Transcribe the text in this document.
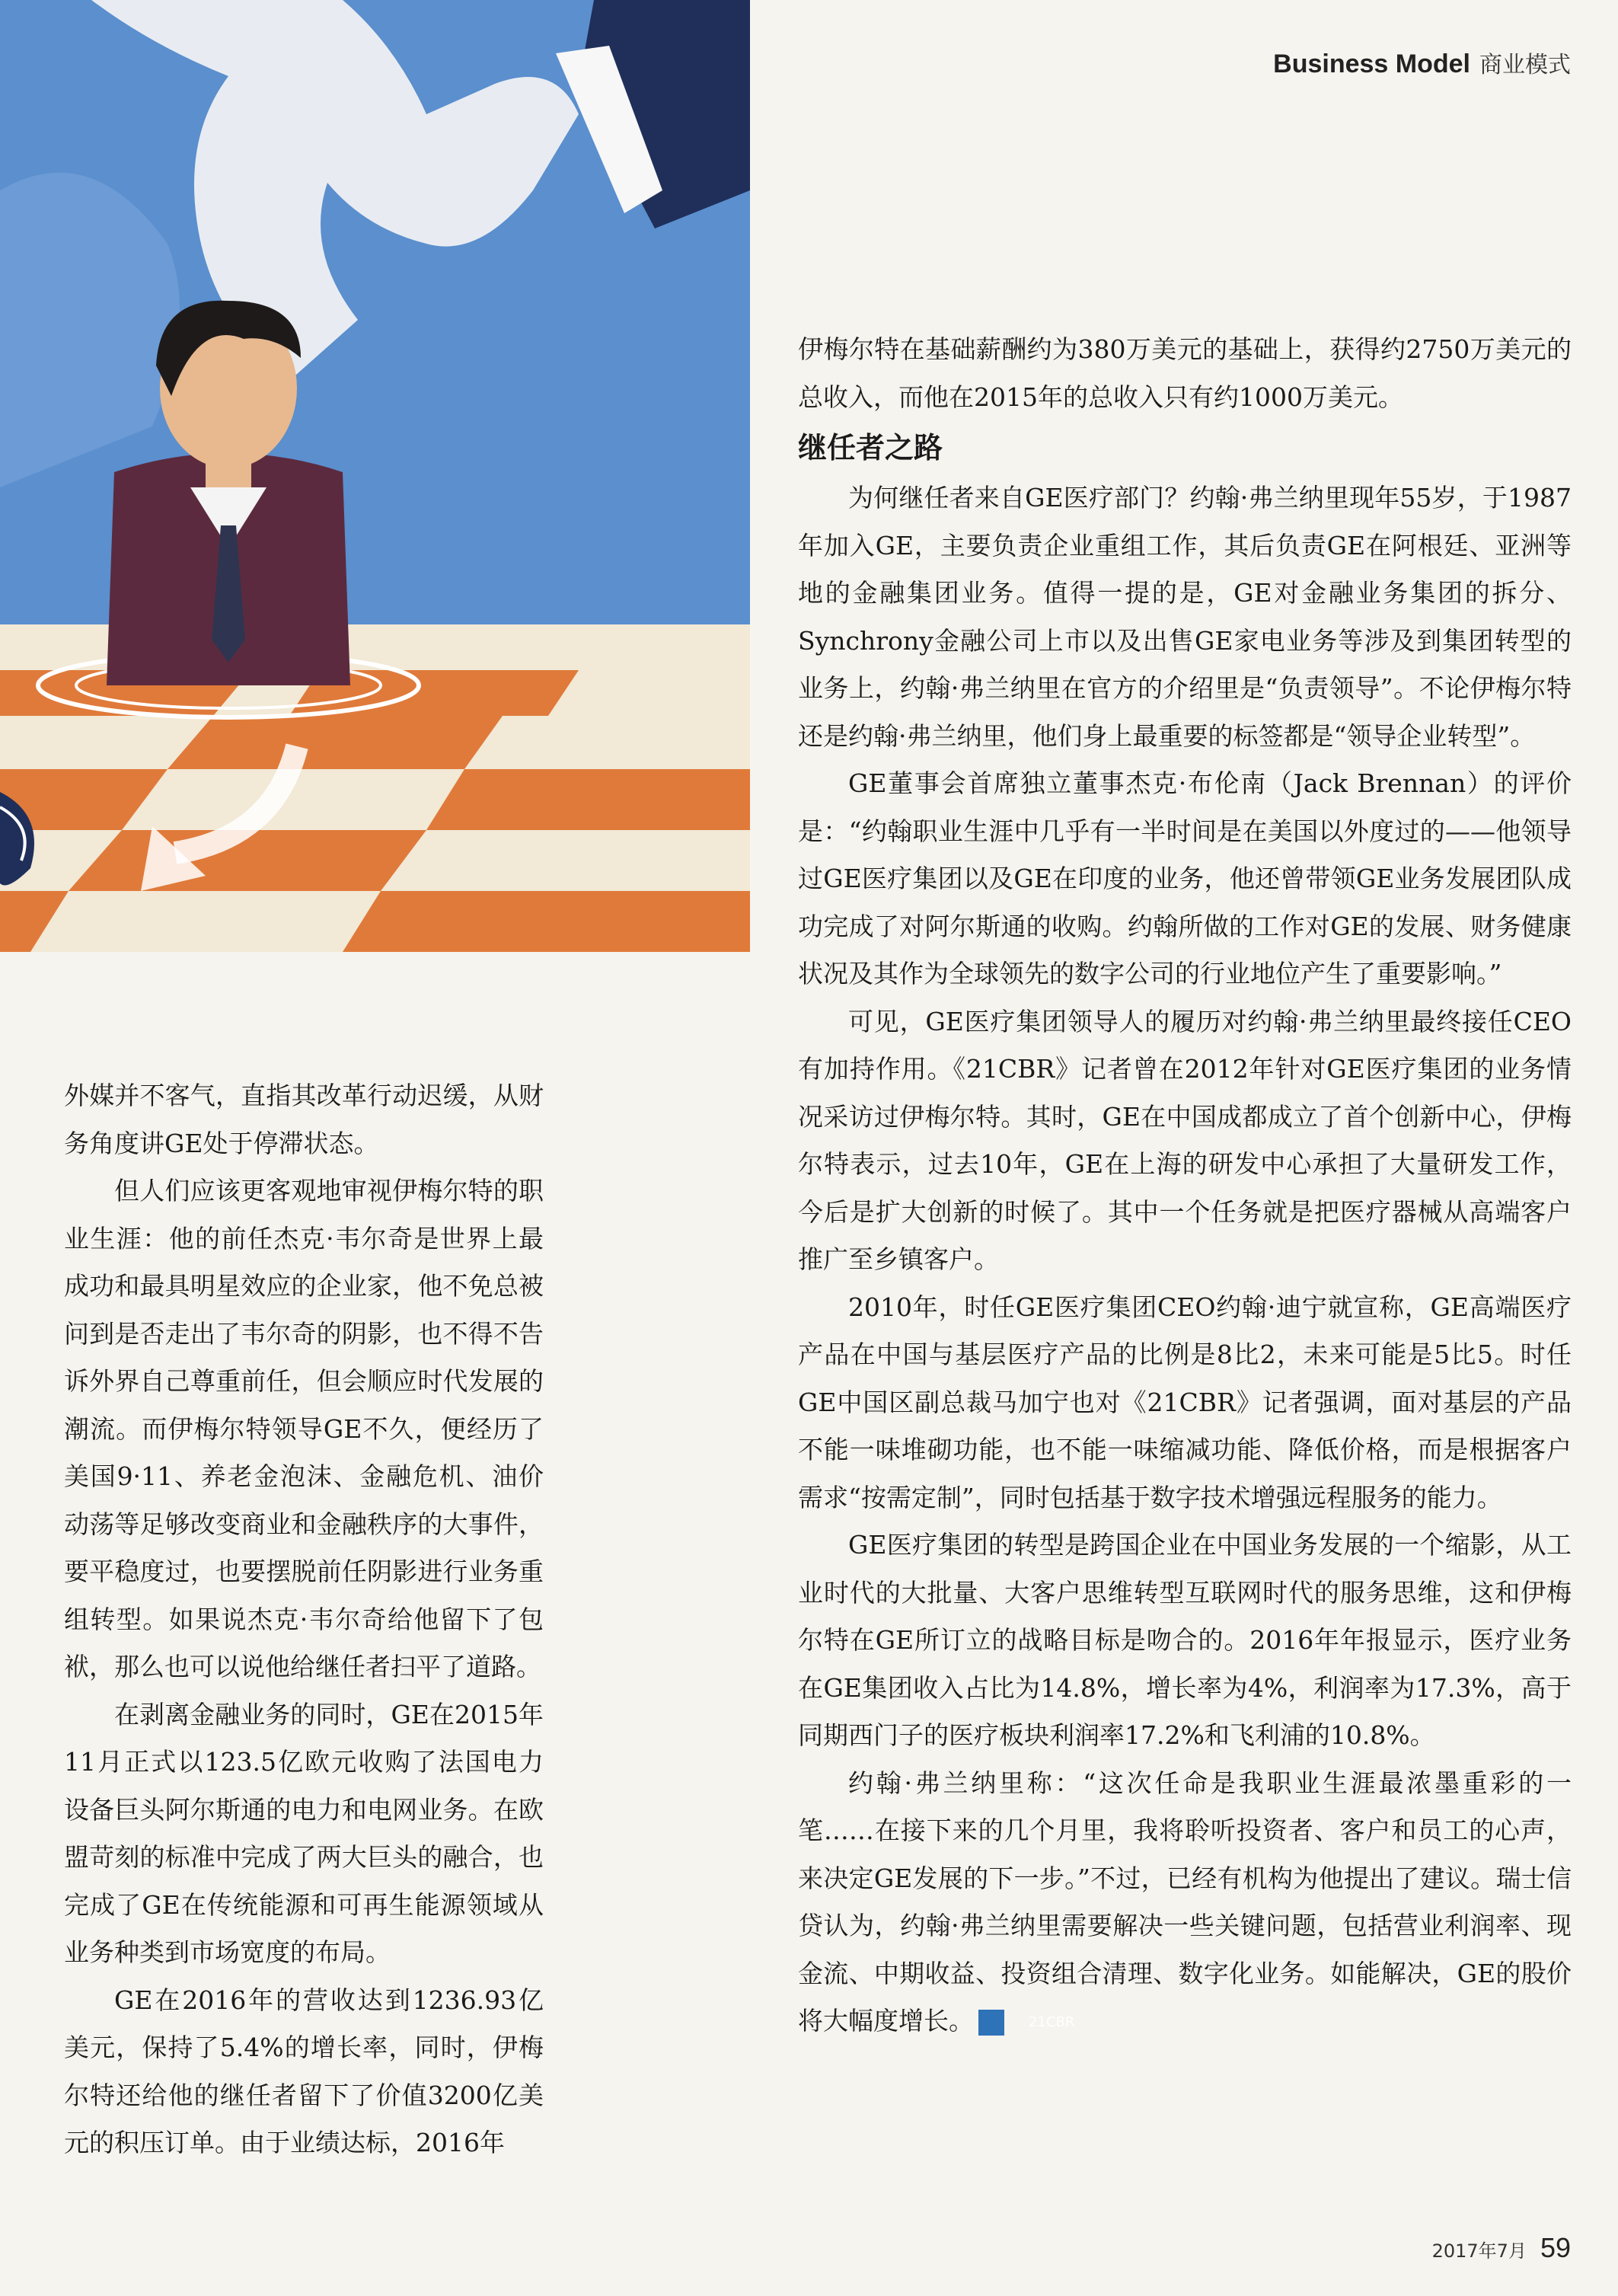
Business Model 商业模式

外媒并不客气，直指其改革行动迟缓，从财务角度讲GE处于停滞状态。

但人们应该更客观地审视伊梅尔特的职业生涯：他的前任杰克·韦尔奇是世界上最成功和最具明星效应的企业家，他不免总被问到是否走出了韦尔奇的阴影，也不得不告诉外界自己尊重前任，但会顺应时代发展的潮流。而伊梅尔特领导GE不久，便经历了美国9·11、养老金泡沫、金融危机、油价动荡等足够改变商业和金融秩序的大事件，要平稳度过，也要摆脱前任阴影进行业务重组转型。如果说杰克·韦尔奇给他留下了包袱，那么也可以说他给继任者扫平了道路。

在剥离金融业务的同时，GE在2015年11月正式以123.5亿欧元收购了法国电力设备巨头阿尔斯通的电力和电网业务。在欧盟苛刻的标准中完成了两大巨头的融合，也完成了GE在传统能源和可再生能源领域从业务种类到市场宽度的布局。

GE在2016年的营收达到1236.93亿美元，保持了5.4%的增长率，同时，伊梅尔特还给他的继任者留下了价值3200亿美元的积压订单。由于业绩达标，2016年

伊梅尔特在基础薪酬约为380万美元的基础上，获得约2750万美元的总收入，而他在2015年的总收入只有约1000万美元。

继任者之路

为何继任者来自GE医疗部门？约翰·弗兰纳里现年55岁，于1987年加入GE，主要负责企业重组工作，其后负责GE在阿根廷、亚洲等地的金融集团业务。值得一提的是，GE对金融业务集团的拆分、Synchrony金融公司上市以及出售GE家电业务等涉及到集团转型的业务上，约翰·弗兰纳里在官方的介绍里是“负责领导”。不论伊梅尔特还是约翰·弗兰纳里，他们身上最重要的标签都是“领导企业转型”。

GE董事会首席独立董事杰克·布伦南（Jack Brennan）的评价是：“约翰职业生涯中几乎有一半时间是在美国以外度过的——他领导过GE医疗集团以及GE在印度的业务，他还曾带领GE业务发展团队成功完成了对阿尔斯通的收购。约翰所做的工作对GE的发展、财务健康状况及其作为全球领先的数字公司的行业地位产生了重要影响。”

可见，GE医疗集团领导人的履历对约翰·弗兰纳里最终接任CEO有加持作用。《21CBR》记者曾在2012年针对GE医疗集团的业务情况采访过伊梅尔特。其时，GE在中国成都成立了首个创新中心，伊梅尔特表示，过去10年，GE在上海的研发中心承担了大量研发工作，今后是扩大创新的时候了。其中一个任务就是把医疗器械从高端客户推广至乡镇客户。

2010年，时任GE医疗集团CEO约翰·迪宁就宣称，GE高端医疗产品在中国与基层医疗产品的比例是8比2，未来可能是5比5。时任GE中国区副总裁马加宁也对《21CBR》记者强调，面对基层的产品不能一味堆砌功能，也不能一味缩减功能、降低价格，而是根据客户需求“按需定制”，同时包括基于数字技术增强远程服务的能力。

GE医疗集团的转型是跨国企业在中国业务发展的一个缩影，从工业时代的大批量、大客户思维转型互联网时代的服务思维，这和伊梅尔特在GE所订立的战略目标是吻合的。2016年年报显示，医疗业务在GE集团收入占比为14.8%，增长率为4%，利润率为17.3%，高于同期西门子的医疗板块利润率17.2%和飞利浦的10.8%。

约翰·弗兰纳里称：“这次任命是我职业生涯最浓墨重彩的一笔……在接下来的几个月里，我将聆听投资者、客户和员工的心声，来决定GE发展的下一步。”不过，已经有机构为他提出了建议。瑞士信贷认为，约翰·弗兰纳里需要解决一些关键问题，包括营业利润率、现金流、中期收益、投资组合清理、数字化业务。如能解决，GE的股价将大幅度增长。	21CBR

2017年7月 59
